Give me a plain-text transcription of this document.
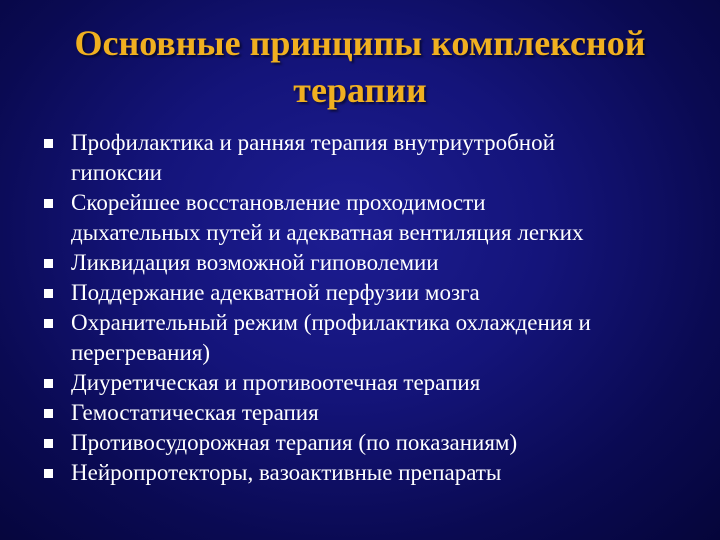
Основные принципы комплексной
терапии
Профилактика и ранняя терапия внутриутробной
гипоксии
Скорейшее восстановление проходимости
дыхательных путей и адекватная вентиляция легких
Ликвидация возможной гиповолемии
Поддержание адекватной перфузии мозга
Охранительный режим (профилактика охлаждения и
перегревания)
Диуретическая и противоотечная терапия
Гемостатическая терапия
Противосудорожная терапия (по показаниям)
Нейропротекторы, вазоактивные препараты
